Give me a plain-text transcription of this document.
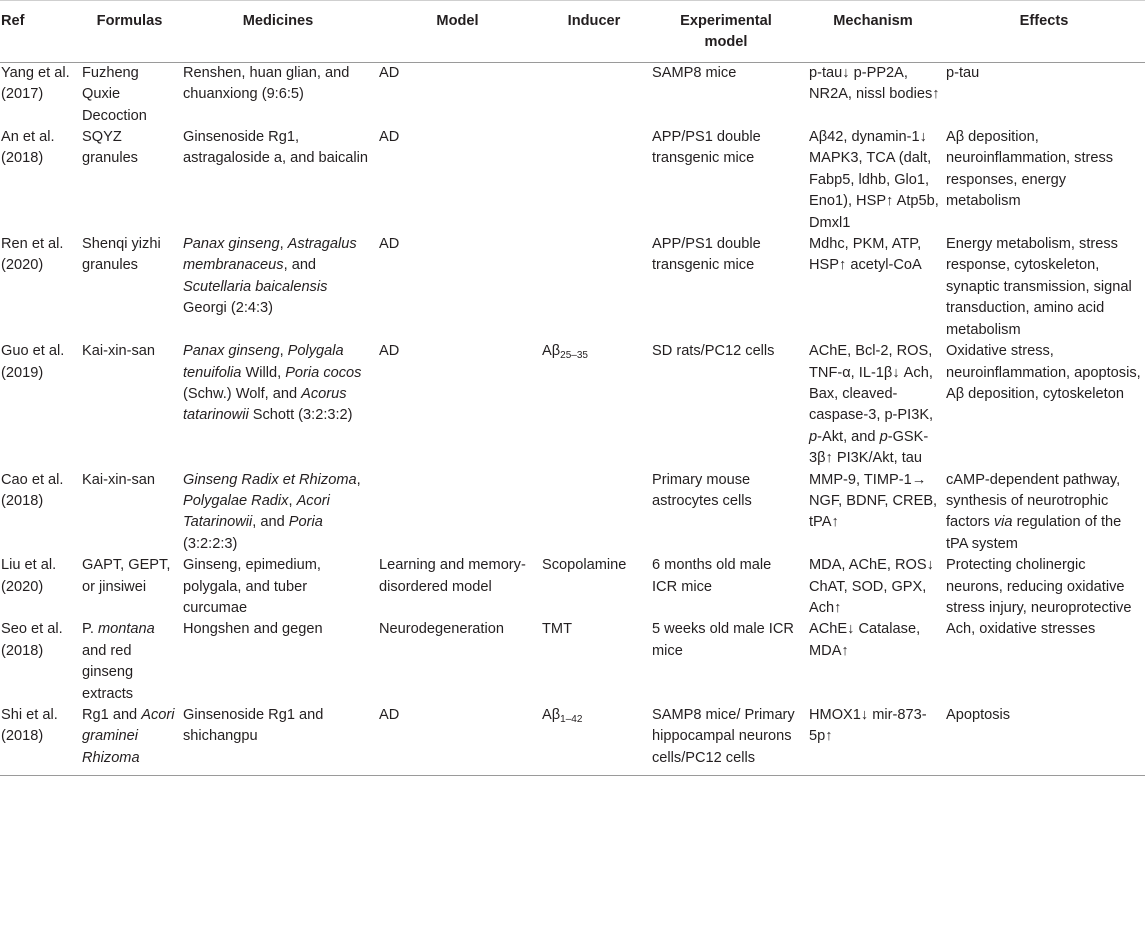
Ref	Formulas	Medicines	Model	Inducer	Experimental model	Mechanism	Effects
Yang et al. (2017)	Fuzheng Quxie Decoction	Renshen, huan glian, and chuanxiong (9:6:5)	AD		SAMP8 mice	p-tau↓ p-PP2A, NR2A, nissl bodies↑	p-tau
An et al. (2018)	SQYZ granules	Ginsenoside Rg1, astragaloside a, and baicalin	AD		APP/PS1 double transgenic mice	Aβ42, dynamin-1↓ MAPK3, TCA (dalt, Fabp5, ldhb, Glo1, Eno1), HSP↑ Atp5b, Dmxl1	Aβ deposition, neuroinflammation, stress responses, energy metabolism
Ren et al. (2020)	Shenqi yizhi granules	Panax ginseng, Astragalus membranaceus, and Scutellaria baicalensis Georgi (2:4:3)	AD		APP/PS1 double transgenic mice	Mdhc, PKM, ATP, HSP↑ acetyl-CoA	Energy metabolism, stress response, cytoskeleton, synaptic transmission, signal transduction, amino acid metabolism
Guo et al. (2019)	Kai-xin-san	Panax ginseng, Polygala tenuifolia Willd, Poria cocos (Schw.) Wolf, and Acorus tatarinowii Schott (3:2:3:2)	AD	$A\beta_{25-35}$	SD rats/PC12 cells	AChE, Bcl-2, ROS, TNF-α, IL-1β↓ Ach, Bax, cleaved-caspase-3, p-PI3K, p-Akt, and p-GSK-3β↑ PI3K/Akt, tau	Oxidative stress, neuroinflammation, apoptosis, Aβ deposition, cytoskeleton
Cao et al. (2018)	Kai-xin-san	Ginseng Radix et Rhizoma, Polygalae Radix, Acori Tatarinowii, and Poria (3:2:2:3)			Primary mouse astrocytes cells	MMP-9, TIMP-1→ NGF, BDNF, CREB, tPA↑	cAMP-dependent pathway, synthesis of neurotrophic factors via regulation of the tPA system
Liu et al. (2020)	GAPT, GEPT, or jinsiwei	Ginseng, epimedium, polygala, and tuber curcumae	Learning and memory-disordered model	Scopolamine	6 months old male ICR mice	MDA, AChE, ROS↓ ChAT, SOD, GPX, Ach↑	Protecting cholinergic neurons, reducing oxidative stress injury, neuroprotective
Seo et al. (2018)	P. montana and red ginseng extracts	Hongshen and gegen	Neurodegeneration	TMT	5 weeks old male ICR mice	AChE↓ Catalase, MDA↑	Ach, oxidative stresses
Shi et al. (2018)	Rg1 and Acori graminei Rhizoma	Ginsenoside Rg1 and shichangpu	AD	$A\beta_{1-42}$	SAMP8 mice/ Primary hippocampal neurons cells/PC12 cells	HMOX1↓ mir-873-5p↑	Apoptosis
